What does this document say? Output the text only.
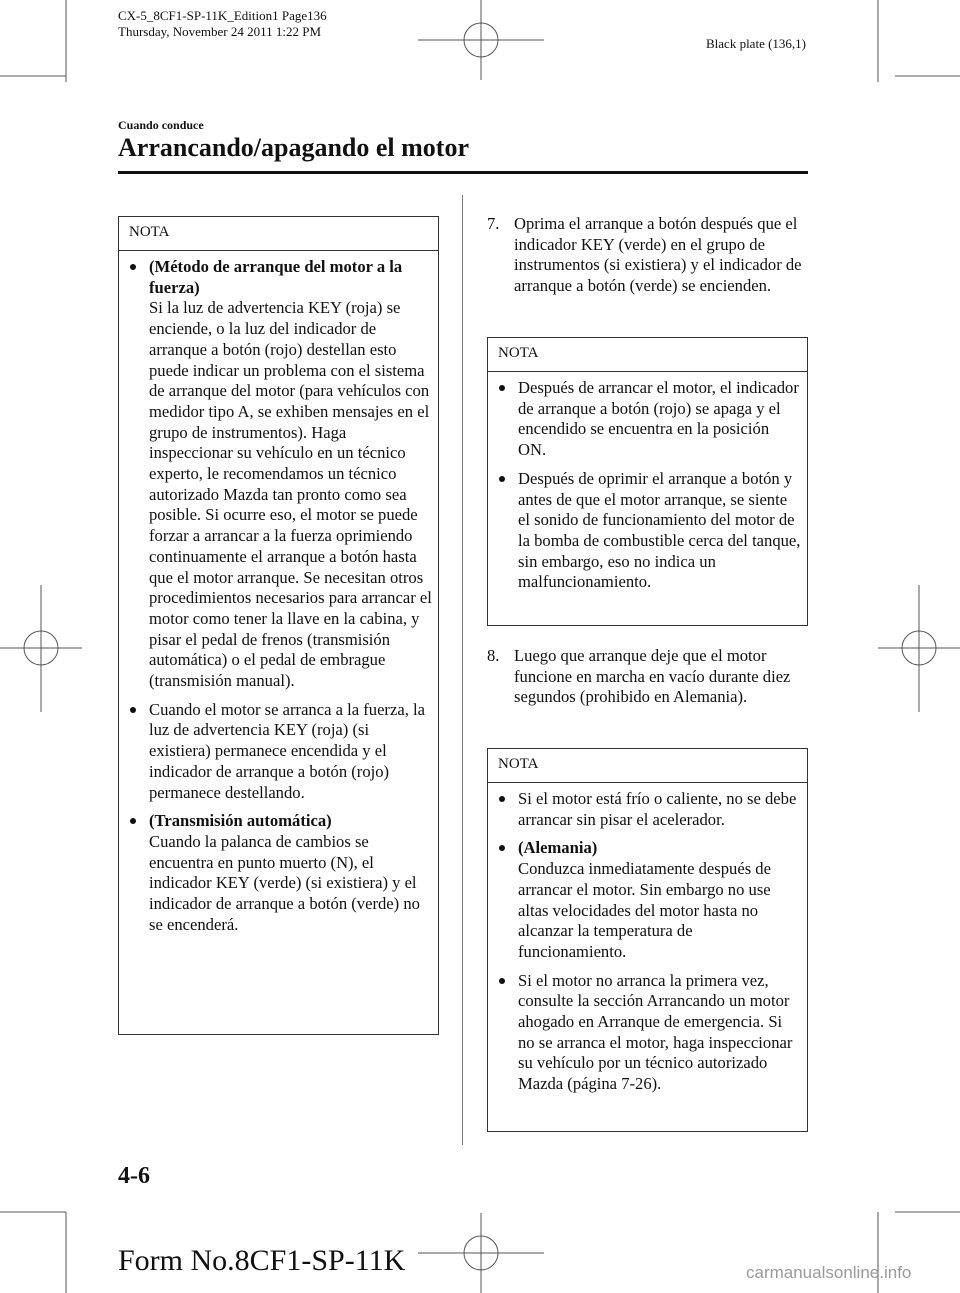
CX-5_8CF1-SP-11K_Edition1 Page136
Thursday, November 24 2011 1:22 PM
Black plate (136,1)
Cuando conduce
Arrancando/apagando el motor
NOTA
(Método de arranque del motor a la fuerza)
Si la luz de advertencia KEY (roja) se enciende, o la luz del indicador de arranque a botón (rojo) destellan esto puede indicar un problema con el sistema de arranque del motor (para vehículos con medidor tipo A, se exhiben mensajes en el grupo de instrumentos). Haga inspeccionar su vehículo en un técnico experto, le recomendamos un técnico autorizado Mazda tan pronto como sea posible. Si ocurre eso, el motor se puede forzar a arrancar a la fuerza oprimiendo continuamente el arranque a botón hasta que el motor arranque. Se necesitan otros procedimientos necesarios para arrancar el motor como tener la llave en la cabina, y pisar el pedal de frenos (transmisión automática) o el pedal de embrague (transmisión manual).
Cuando el motor se arranca a la fuerza, la luz de advertencia KEY (roja) (si existiera) permanece encendida y el indicador de arranque a botón (rojo) permanece destellando.
(Transmisión automática)
Cuando la palanca de cambios se encuentra en punto muerto (N), el indicador KEY (verde) (si existiera) y el indicador de arranque a botón (verde) no se encenderá.
7. Oprima el arranque a botón después que el indicador KEY (verde) en el grupo de instrumentos (si existiera) y el indicador de arranque a botón (verde) se encienden.
NOTA
Después de arrancar el motor, el indicador de arranque a botón (rojo) se apaga y el encendido se encuentra en la posición ON.
Después de oprimir el arranque a botón y antes de que el motor arranque, se siente el sonido de funcionamiento del motor de la bomba de combustible cerca del tanque, sin embargo, eso no indica un malfuncionamiento.
8. Luego que arranque deje que el motor funcione en marcha en vacío durante diez segundos (prohibido en Alemania).
NOTA
Si el motor está frío o caliente, no se debe arrancar sin pisar el acelerador.
(Alemania)
Conduzca inmediatamente después de arrancar el motor. Sin embargo no use altas velocidades del motor hasta no alcanzar la temperatura de funcionamiento.
Si el motor no arranca la primera vez, consulte la sección Arrancando un motor ahogado en Arranque de emergencia. Si no se arranca el motor, haga inspeccionar su vehículo por un técnico autorizado Mazda (página 7-26).
4-6
Form No.8CF1-SP-11K	carmanualsonline.info
